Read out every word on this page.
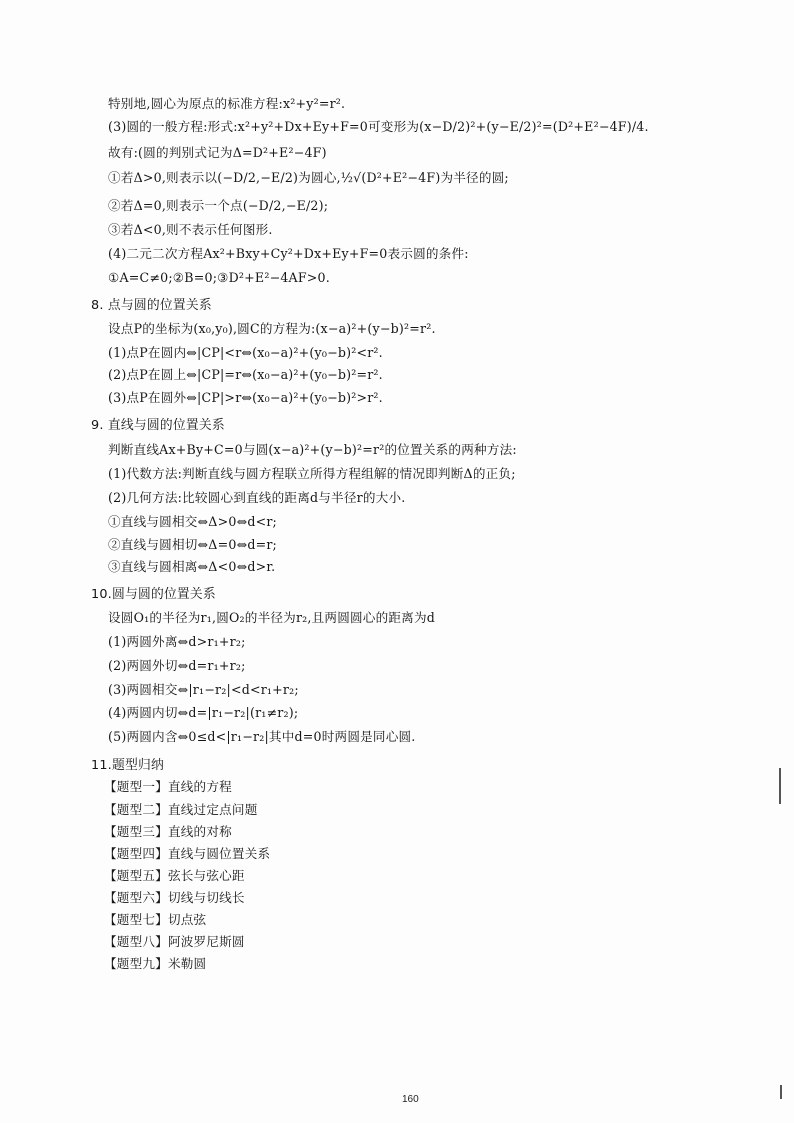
特别地,圆心为原点的标准方程:x²+y²=r².
(3)圆的一般方程:形式:x²+y²+Dx+Ey+F=0可变形为(x−D/2)²+(y−E/2)²=(D²+E²−4F)/4.
故有:(圆的判别式记为Δ=D²+E²−4F)
①若Δ>0,则表示以(−D/2,−E/2)为圆心,½√(D²+E²−4F)为半径的圆;
②若Δ=0,则表示一个点(−D/2,−E/2);
③若Δ<0,则不表示任何图形.
(4)二元二次方程Ax²+Bxy+Cy²+Dx+Ey+F=0表示圆的条件:
①A=C≠0;②B=0;③D²+E²−4AF>0.
8. 点与圆的位置关系
设点P的坐标为(x₀,y₀),圆C的方程为:(x−a)²+(y−b)²=r².
(1)点P在圆内⇔|CP|<r⇔(x₀−a)²+(y₀−b)²<r².
(2)点P在圆上⇔|CP|=r⇔(x₀−a)²+(y₀−b)²=r².
(3)点P在圆外⇔|CP|>r⇔(x₀−a)²+(y₀−b)²>r².
9. 直线与圆的位置关系
判断直线Ax+By+C=0与圆(x−a)²+(y−b)²=r²的位置关系的两种方法:
(1)代数方法:判断直线与圆方程联立所得方程组解的情况即判断Δ的正负;
(2)几何方法:比较圆心到直线的距离d与半径r的大小.
①直线与圆相交⇔Δ>0⇔d<r;
②直线与圆相切⇔Δ=0⇔d=r;
③直线与圆相离⇔Δ<0⇔d>r.
10.圆与圆的位置关系
设圆O₁的半径为r₁,圆O₂的半径为r₂,且两圆圆心的距离为d
(1)两圆外离⇔d>r₁+r₂;
(2)两圆外切⇔d=r₁+r₂;
(3)两圆相交⇔|r₁−r₂|<d<r₁+r₂;
(4)两圆内切⇔d=|r₁−r₂|(r₁≠r₂);
(5)两圆内含⇔0≤d<|r₁−r₂|其中d=0时两圆是同心圆.
11.题型归纳
【题型一】直线的方程
【题型二】直线过定点问题
【题型三】直线的对称
【题型四】直线与圆位置关系
【题型五】弦长与弦心距
【题型六】切线与切线长
【题型七】切点弦
【题型八】阿波罗尼斯圆
【题型九】米勒圆
160
